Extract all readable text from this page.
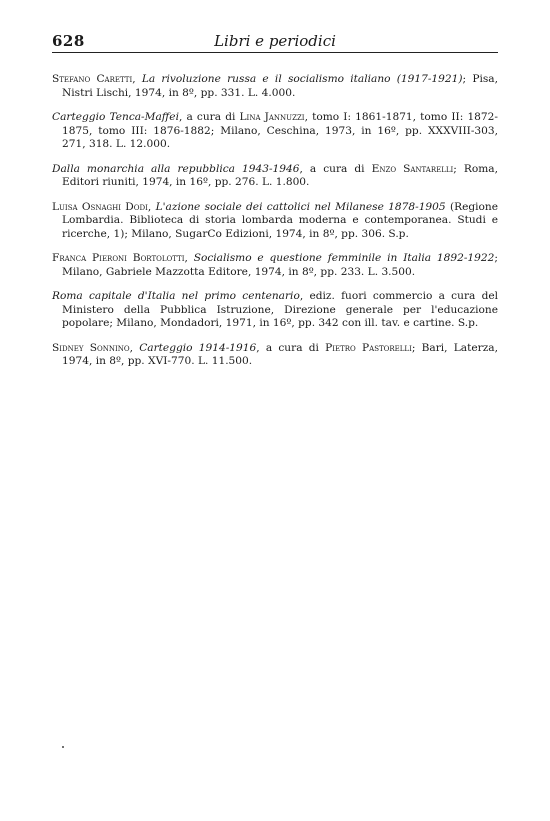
628	Libri e periodici

Stefano Caretti, La rivoluzione russa e il socialismo italiano (1917-1921); Pisa, Nistri Lischi, 1974, in 8º, pp. 331. L. 4.000.

Carteggio Tenca-Maffei, a cura di Lina Jannuzzi, tomo I: 1861-1871, tomo II: 1872-1875, tomo III: 1876-1882; Milano, Ceschina, 1973, in 16º, pp. XXXVIII-303, 271, 318. L. 12.000.

Dalla monarchia alla repubblica 1943-1946, a cura di Enzo Santarelli; Roma, Editori riuniti, 1974, in 16º, pp. 276. L. 1.800.

Luisa Osnaghi Dodi, L'azione sociale dei cattolici nel Milanese 1878-1905 (Regione Lombardia. Biblioteca di storia lombarda moderna e contemporanea. Studi e ricerche, 1); Milano, SugarCo Edizioni, 1974, in 8º, pp. 306. S.p.

Franca Pieroni Bortolotti, Socialismo e questione femminile in Italia 1892-1922; Milano, Gabriele Mazzotta Editore, 1974, in 8º, pp. 233. L. 3.500.

Roma capitale d'Italia nel primo centenario, ediz. fuori commercio a cura del Ministero della Pubblica Istruzione, Direzione generale per l'educazione popolare; Milano, Mondadori, 1971, in 16º, pp. 342 con ill. tav. e cartine. S.p.

Sidney Sonnino, Carteggio 1914-1916, a cura di Pietro Pastorelli; Bari, Laterza, 1974, in 8º, pp. XVI-770. L. 11.500.
